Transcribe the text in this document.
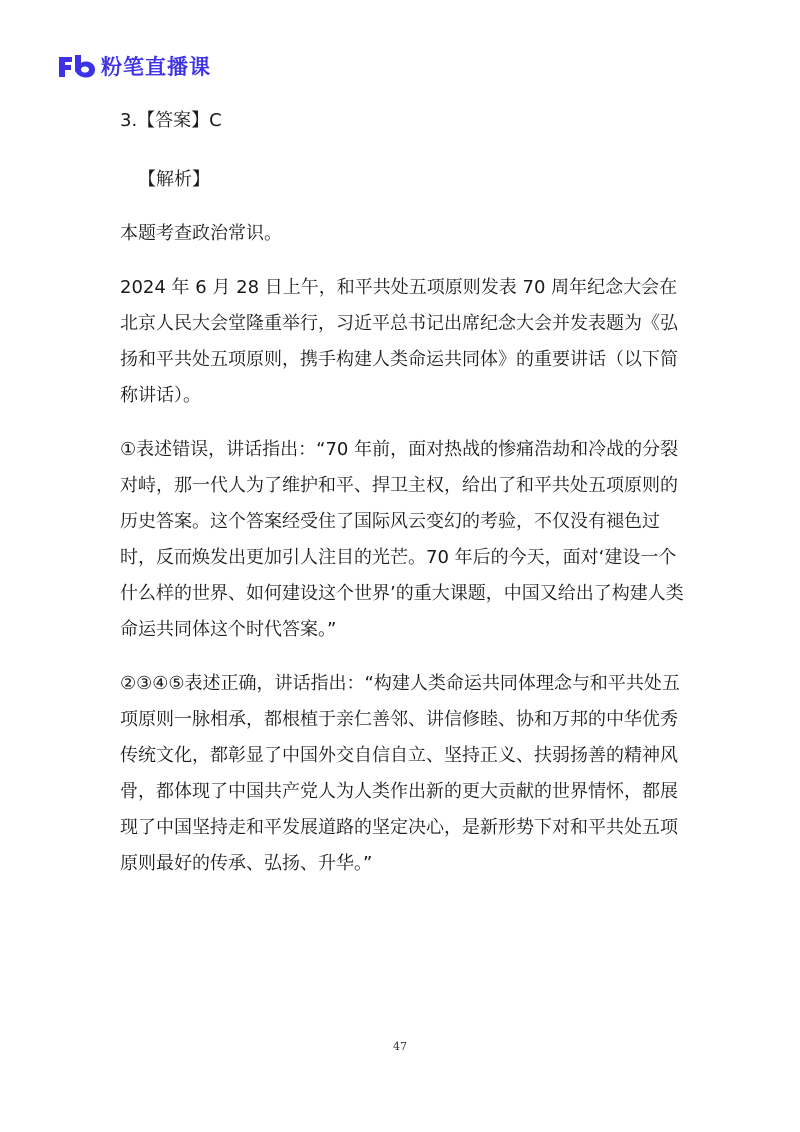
粉笔直播课

3.【答案】C

【解析】

本题考查政治常识。

2024 年 6 月 28 日上午，和平共处五项原则发表 70 周年纪念大会在北京人民大会堂隆重举行，习近平总书记出席纪念大会并发表题为《弘扬和平共处五项原则，携手构建人类命运共同体》的重要讲话（以下简称讲话）。

①表述错误，讲话指出：“70 年前，面对热战的惨痛浩劫和冷战的分裂对峙，那一代人为了维护和平、捍卫主权，给出了和平共处五项原则的历史答案。这个答案经受住了国际风云变幻的考验，不仅没有褪色过时，反而焕发出更加引人注目的光芒。70 年后的今天，面对‘建设一个什么样的世界、如何建设这个世界’的重大课题，中国又给出了构建人类命运共同体这个时代答案。”

②③④⑤表述正确，讲话指出：“构建人类命运共同体理念与和平共处五项原则一脉相承，都根植于亲仁善邻、讲信修睦、协和万邦的中华优秀传统文化，都彰显了中国外交自信自立、坚持正义、扶弱扬善的精神风骨，都体现了中国共产党人为人类作出新的更大贡献的世界情怀，都展现了中国坚持走和平发展道路的坚定决心，是新形势下对和平共处五项原则最好的传承、弘扬、升华。”

47
